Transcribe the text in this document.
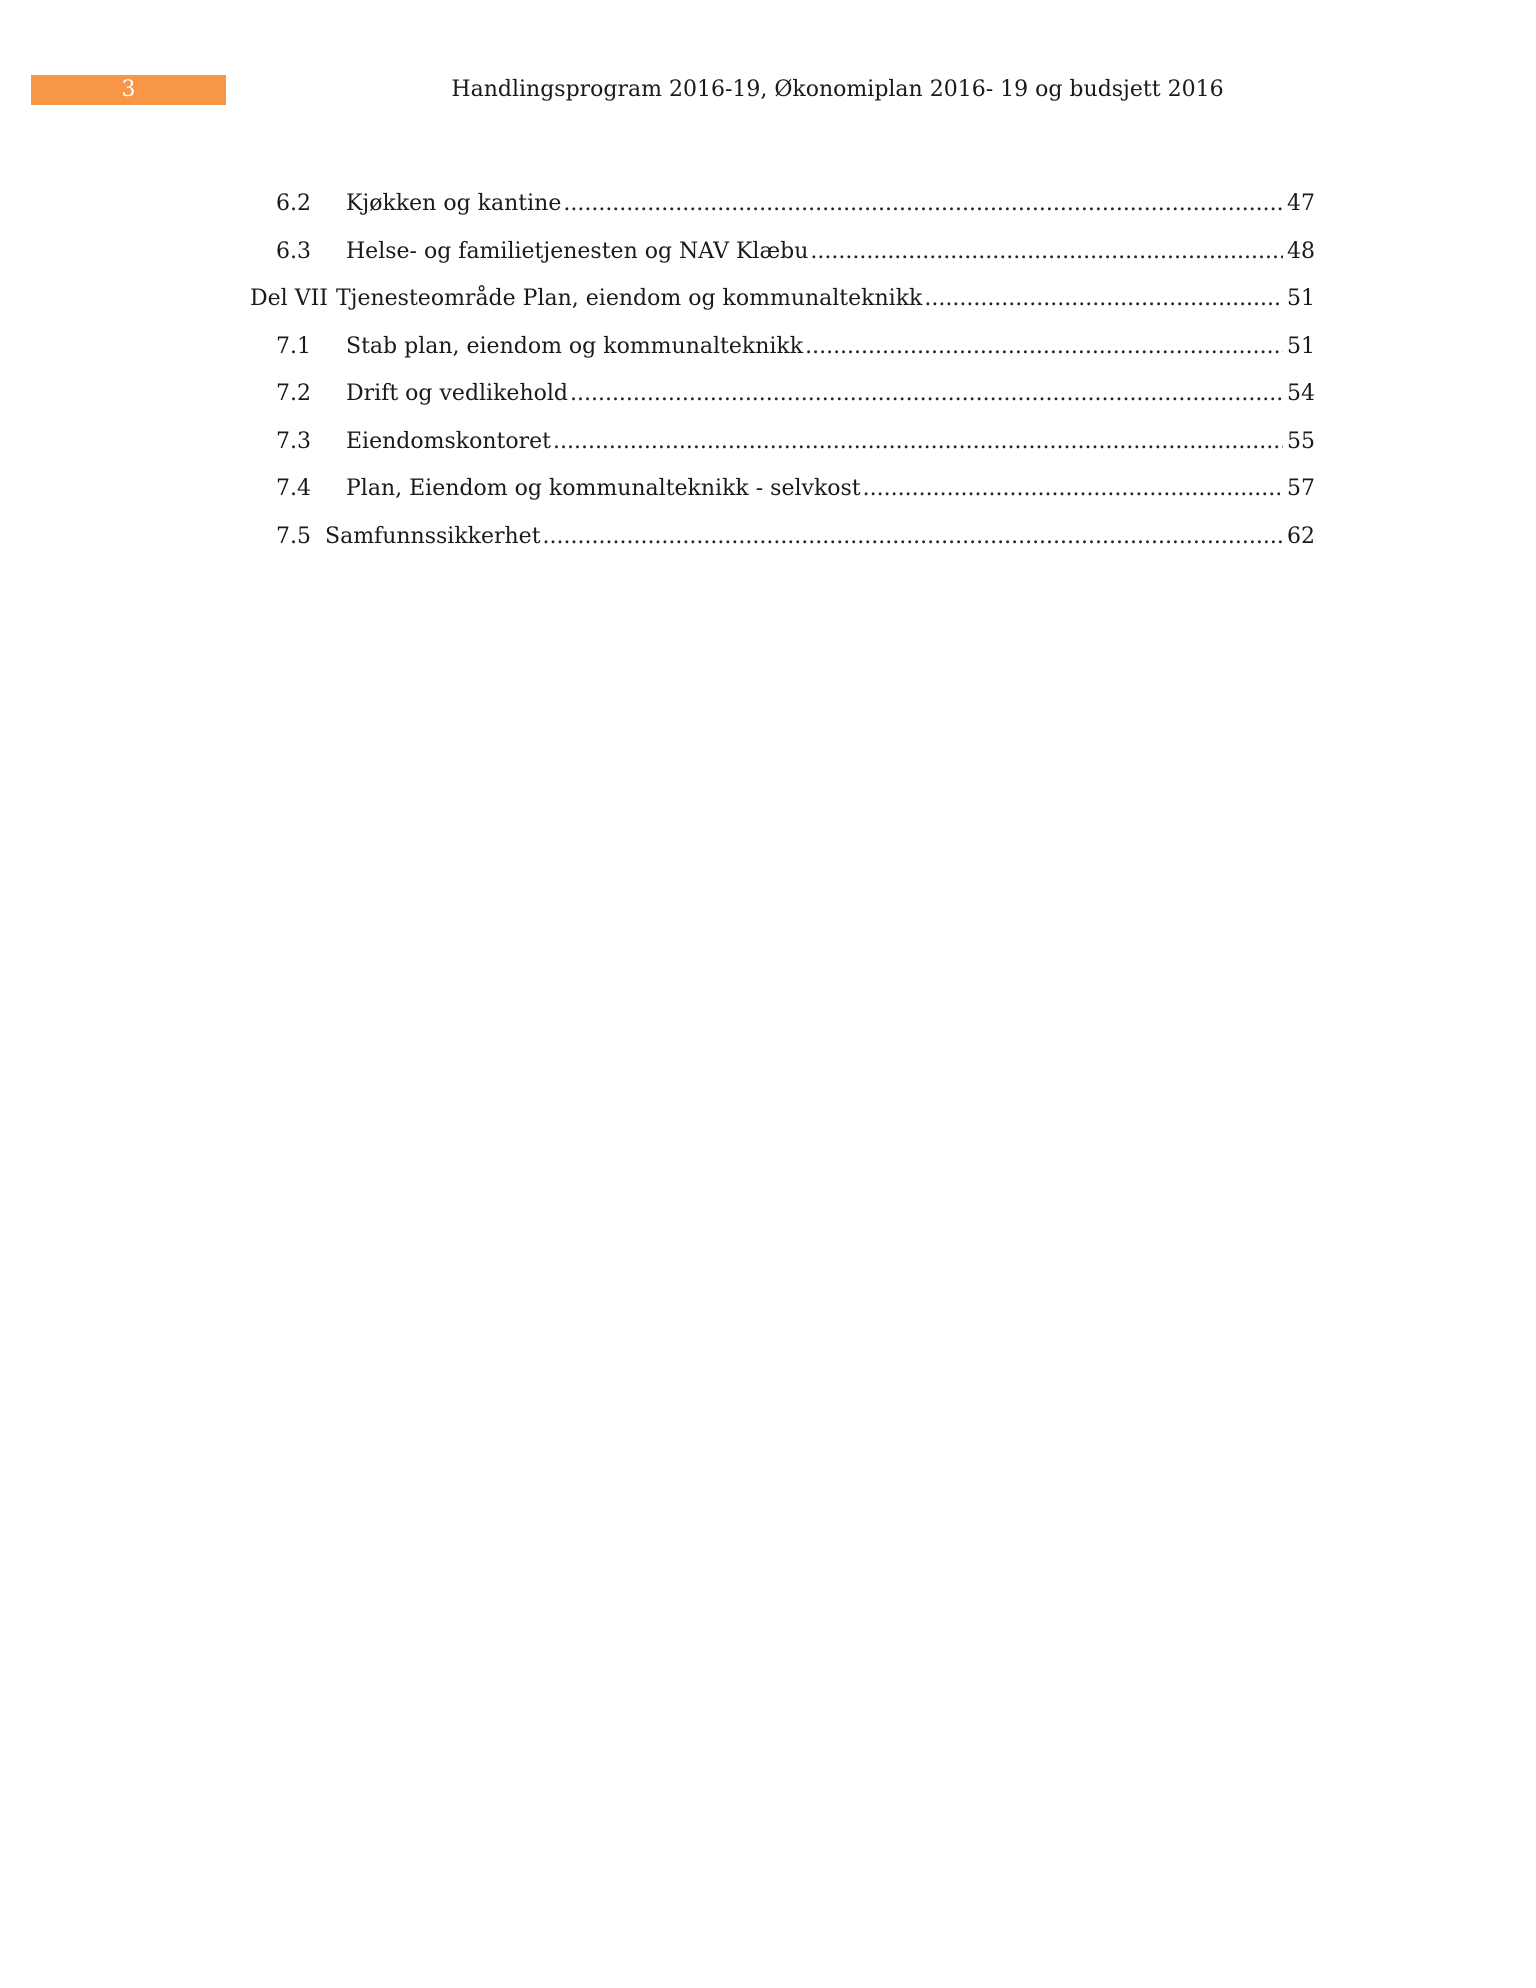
3	Handlingsprogram 2016-19, Økonomiplan 2016- 19 og budsjett 2016
6.2	Kjøkken og kantine .....	47
6.3	Helse- og familietjenesten og NAV Klæbu .....	48
Del VII Tjenesteområde Plan, eiendom og kommunalteknikk .....	51
7.1	Stab plan, eiendom og kommunalteknikk .....	51
7.2	Drift og vedlikehold .....	54
7.3	Eiendomskontoret .....	55
7.4	Plan, Eiendom og kommunalteknikk - selvkost .....	57
7.5 Samfunnssikkerhet .....	62
